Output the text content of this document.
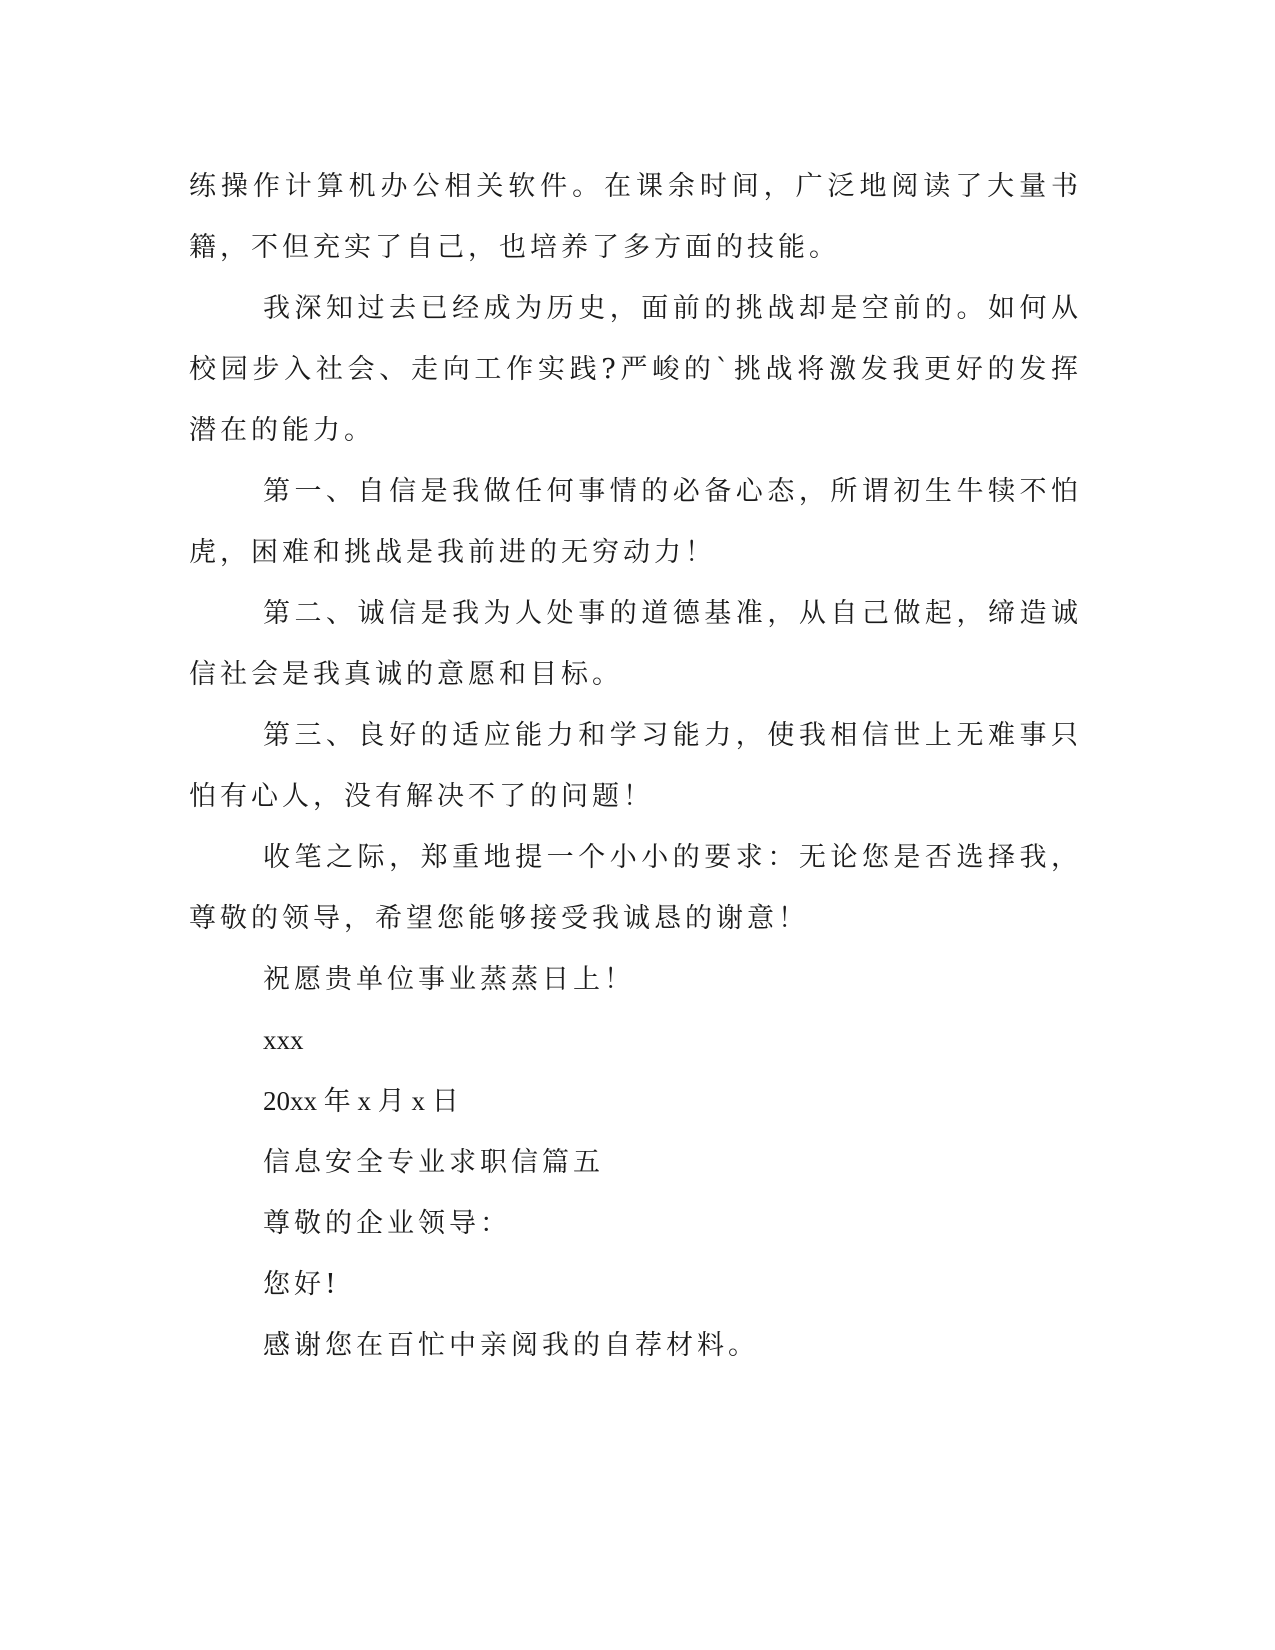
练操作计算机办公相关软件。在课余时间，广泛地阅读了大量书籍，不但充实了自己，也培养了多方面的技能。

我深知过去已经成为历史，面前的挑战却是空前的。如何从校园步入社会、走向工作实践?严峻的`挑战将激发我更好的发挥潜在的能力。

第一、自信是我做任何事情的必备心态，所谓初生牛犊不怕虎，困难和挑战是我前进的无穷动力！

第二、诚信是我为人处事的道德基准，从自己做起，缔造诚信社会是我真诚的意愿和目标。

第三、良好的适应能力和学习能力，使我相信世上无难事只怕有心人，没有解决不了的问题！

收笔之际，郑重地提一个小小的要求：无论您是否选择我，尊敬的领导，希望您能够接受我诚恳的谢意！

祝愿贵单位事业蒸蒸日上！

xxx

20xx 年 x 月 x 日

信息安全专业求职信篇五

尊敬的企业领导：

您好!

感谢您在百忙中亲阅我的自荐材料。
